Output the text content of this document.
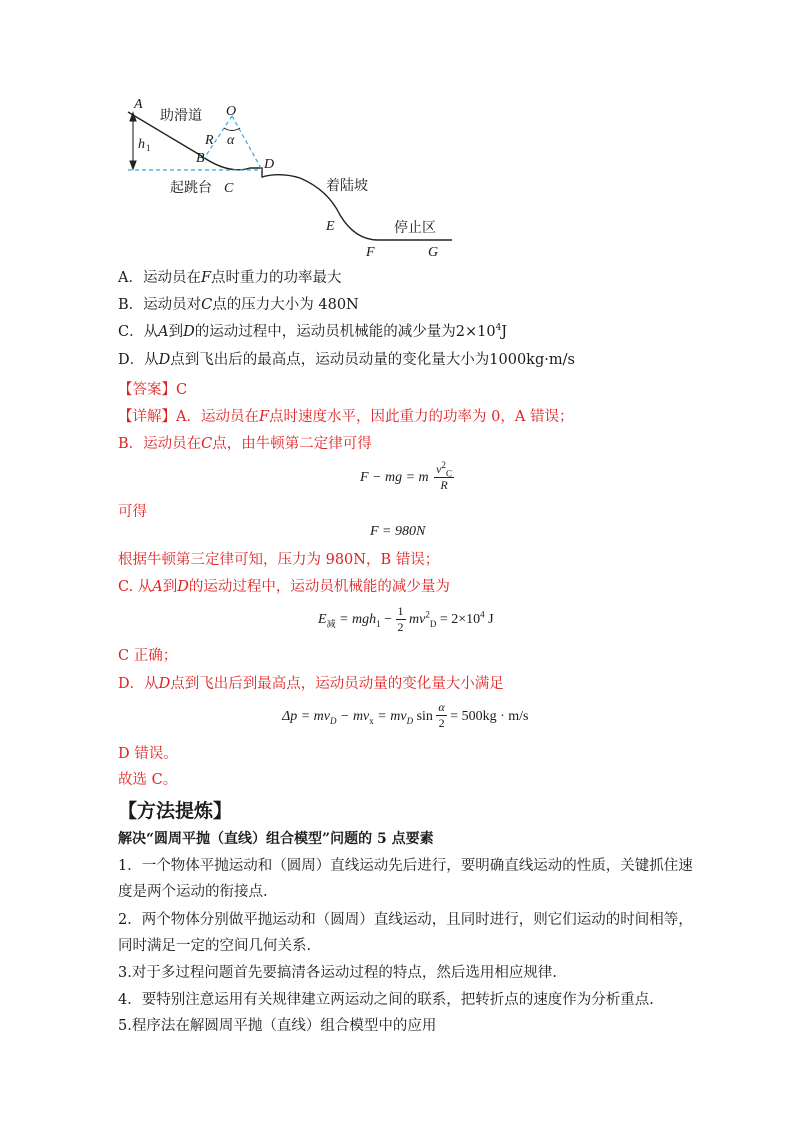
A
h 1
助滑道 O
R α
B	D
起跳台 C	着陆坡
E	停止区
F	G
A．运动员在F点时重力的功率最大
B．运动员对C点的压力大小为 480N
C．从A到D的运动过程中，运动员机械能的减少量为$2\times 10^4J$
D．从D点到飞出后的最高点，运动员动量的变化量大小为1000kg·m/s
【答案】C
【详解】A．运动员在F点时速度水平，因此重力的功率为 0，A 错误；
B．运动员在C点，由牛顿第二定律可得
F − mg = m $\frac{v^2_C}{R}$
可得
F = 980N
根据牛顿第三定律可知，压力为 980N，B 错误；
C. 从A到D的运动过程中，运动员机械能的减少量为
$E_减 = mgh_1 - \frac{1}{2} mv^2_D = 2\times 10^4$ J
C 正确；
D．从D点到飞出后到最高点，运动员动量的变化量大小满足
$\Delta p = mv_D - mv_x = mv_D$ $\sin \frac{\alpha}{2} = 500kg \cdot m/s$
D 错误。
故选 C。
【方法提炼】
解决“圆周平抛（直线）组合模型”问题的 5 点要素
1．一个物体平抛运动和（圆周）直线运动先后进行，要明确直线运动的性质，关键抓住速
度是两个运动的衔接点.
2．两个物体分别做平抛运动和（圆周）直线运动，且同时进行，则它们运动的时间相等，
同时满足一定的空间几何关系.
3.对于多过程问题首先要搞清各运动过程的特点，然后选用相应规律.
4．要特别注意运用有关规律建立两运动之间的联系，把转折点的速度作为分析重点.
5.程序法在解圆周平抛（直线）组合模型中的应用
